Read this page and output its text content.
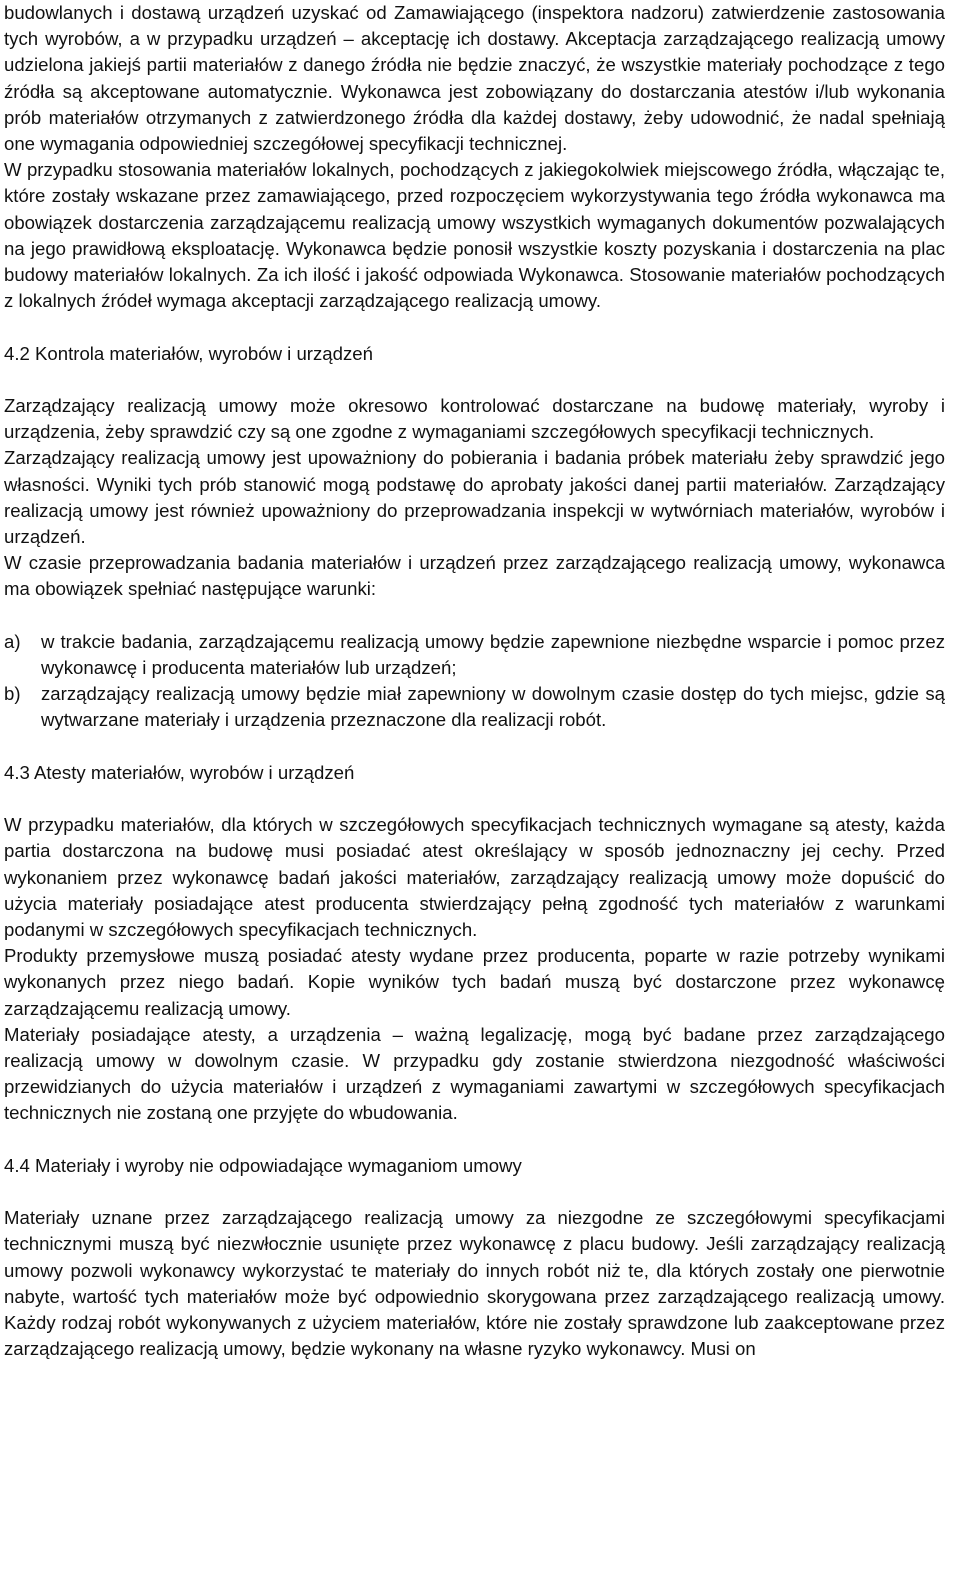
budowlanych i dostawą urządzeń uzyskać od Zamawiającego (inspektora nadzoru) zatwierdzenie zastosowania tych wyrobów, a w przypadku urządzeń – akceptację ich dostawy. Akceptacja zarządzającego realizacją umowy udzielona jakiejś partii materiałów z danego źródła nie będzie znaczyć, że wszystkie materiały pochodzące z tego źródła są akceptowane automatycznie. Wykonawca jest zobowiązany do dostarczania atestów i/lub wykonania prób materiałów otrzymanych z zatwierdzonego źródła dla każdej dostawy, żeby udowodnić, że nadal spełniają one wymagania odpowiedniej szczegółowej specyfikacji technicznej.

W przypadku stosowania materiałów lokalnych, pochodzących z jakiegokolwiek miejscowego źródła, włączając te, które zostały wskazane przez zamawiającego, przed rozpoczęciem wykorzystywania tego źródła wykonawca ma obowiązek dostarczenia zarządzającemu realizacją umowy wszystkich wymaganych dokumentów pozwalających na jego prawidłową eksploatację. Wykonawca będzie ponosił wszystkie koszty pozyskania i dostarczenia na plac budowy materiałów lokalnych. Za ich ilość i jakość odpowiada Wykonawca. Stosowanie materiałów pochodzących z lokalnych źródeł wymaga akceptacji zarządzającego realizacją umowy.

4.2 Kontrola materiałów, wyrobów i urządzeń

Zarządzający realizacją umowy może okresowo kontrolować dostarczane na budowę materiały, wyroby i urządzenia, żeby sprawdzić czy są one zgodne z wymaganiami szczegółowych specyfikacji technicznych.

Zarządzający realizacją umowy jest upoważniony do pobierania i badania próbek materiału żeby sprawdzić jego własności. Wyniki tych prób stanowić mogą podstawę do aprobaty jakości danej partii materiałów. Zarządzający realizacją umowy jest również upoważniony do przeprowadzania inspekcji w wytwórniach materiałów, wyrobów i urządzeń.

W czasie przeprowadzania badania materiałów i urządzeń przez zarządzającego realizacją umowy, wykonawca ma obowiązek spełniać następujące warunki:

a)	w trakcie badania, zarządzającemu realizacją umowy będzie zapewnione niezbędne wsparcie i pomoc przez wykonawcę i producenta materiałów lub urządzeń;
b)	zarządzający realizacją umowy będzie miał zapewniony w dowolnym czasie dostęp do tych miejsc, gdzie są wytwarzane materiały i urządzenia przeznaczone dla realizacji robót.

4.3 Atesty materiałów, wyrobów i urządzeń

W przypadku materiałów, dla których w szczegółowych specyfikacjach technicznych wymagane są atesty, każda partia dostarczona na budowę musi posiadać atest określający w sposób jednoznaczny jej cechy. Przed wykonaniem przez wykonawcę badań jakości materiałów, zarządzający realizacją umowy może dopuścić do użycia materiały posiadające atest producenta stwierdzający pełną zgodność tych materiałów z warunkami podanymi w szczegółowych specyfikacjach technicznych.

Produkty przemysłowe muszą posiadać atesty wydane przez producenta, poparte w razie potrzeby wynikami wykonanych przez niego badań. Kopie wyników tych badań muszą być dostarczone przez wykonawcę zarządzającemu realizacją umowy.

Materiały posiadające atesty, a urządzenia – ważną legalizację, mogą być badane przez zarządzającego realizacją umowy w dowolnym czasie. W przypadku gdy zostanie stwierdzona niezgodność właściwości przewidzianych do użycia materiałów i urządzeń z wymaganiami zawartymi w szczegółowych specyfikacjach technicznych nie zostaną one przyjęte do wbudowania.

4.4 Materiały i wyroby nie odpowiadające wymaganiom umowy

Materiały uznane przez zarządzającego realizacją umowy za niezgodne ze szczegółowymi specyfikacjami technicznymi muszą być niezwłocznie usunięte przez wykonawcę z placu budowy. Jeśli zarządzający realizacją umowy pozwoli wykonawcy wykorzystać te materiały do innych robót niż te, dla których zostały one pierwotnie nabyte, wartość tych materiałów może być odpowiednio skorygowana przez zarządzającego realizacją umowy. Każdy rodzaj robót wykonywanych z użyciem materiałów, które nie zostały sprawdzone lub zaakceptowane przez zarządzającego realizacją umowy, będzie wykonany na własne ryzyko wykonawcy. Musi on
